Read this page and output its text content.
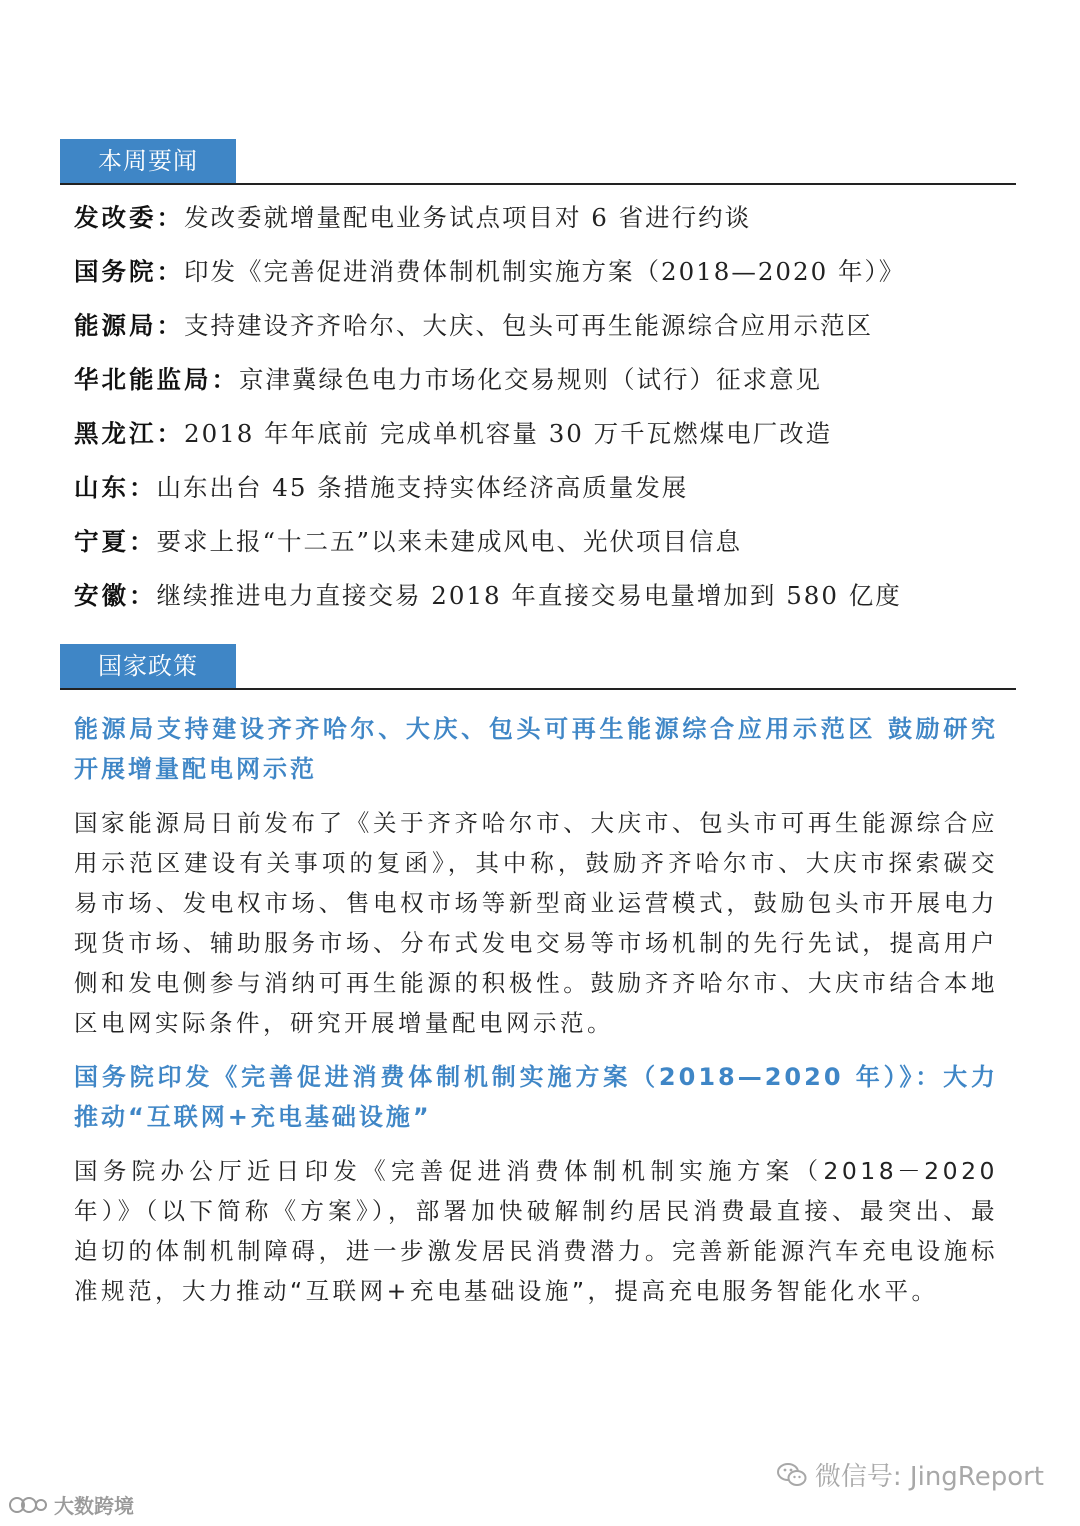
本周要闻
发改委：发改委就增量配电业务试点项目对 6 省进行约谈
国务院：印发《完善促进消费体制机制实施方案（2018—2020 年）》
能源局：支持建设齐齐哈尔、大庆、包头可再生能源综合应用示范区
华北能监局：京津冀绿色电力市场化交易规则（试行）征求意见
黑龙江：2018 年年底前 完成单机容量 30 万千瓦燃煤电厂改造
山东：山东出台 45 条措施支持实体经济高质量发展
宁夏：要求上报“十二五”以来未建成风电、光伏项目信息
安徽：继续推进电力直接交易 2018 年直接交易电量增加到 580 亿度
国家政策

能源局支持建设齐齐哈尔、大庆、包头可再生能源综合应用示范区 鼓励研究开展增量配电网示范

国家能源局日前发布了《关于齐齐哈尔市、大庆市、包头市可再生能源综合应用示范区建设有关事项的复函》，其中称，鼓励齐齐哈尔市、大庆市探索碳交易市场、发电权市场、售电权市场等新型商业运营模式，鼓励包头市开展电力现货市场、辅助服务市场、分布式发电交易等市场机制的先行先试，提高用户侧和发电侧参与消纳可再生能源的积极性。鼓励齐齐哈尔市、大庆市结合本地区电网实际条件，研究开展增量配电网示范。

国务院印发《完善促进消费体制机制实施方案（2018—2020 年）》：大力推动“互联网+充电基础设施”

国务院办公厅近日印发《完善促进消费体制机制实施方案（2018－2020年）》（以下简称《方案》），部署加快破解制约居民消费最直接、最突出、最迫切的体制机制障碍，进一步激发居民消费潜力。完善新能源汽车充电设施标准规范，大力推动“互联网+充电基础设施”，提高充电服务智能化水平。

微信号: JingReport
大数跨境
